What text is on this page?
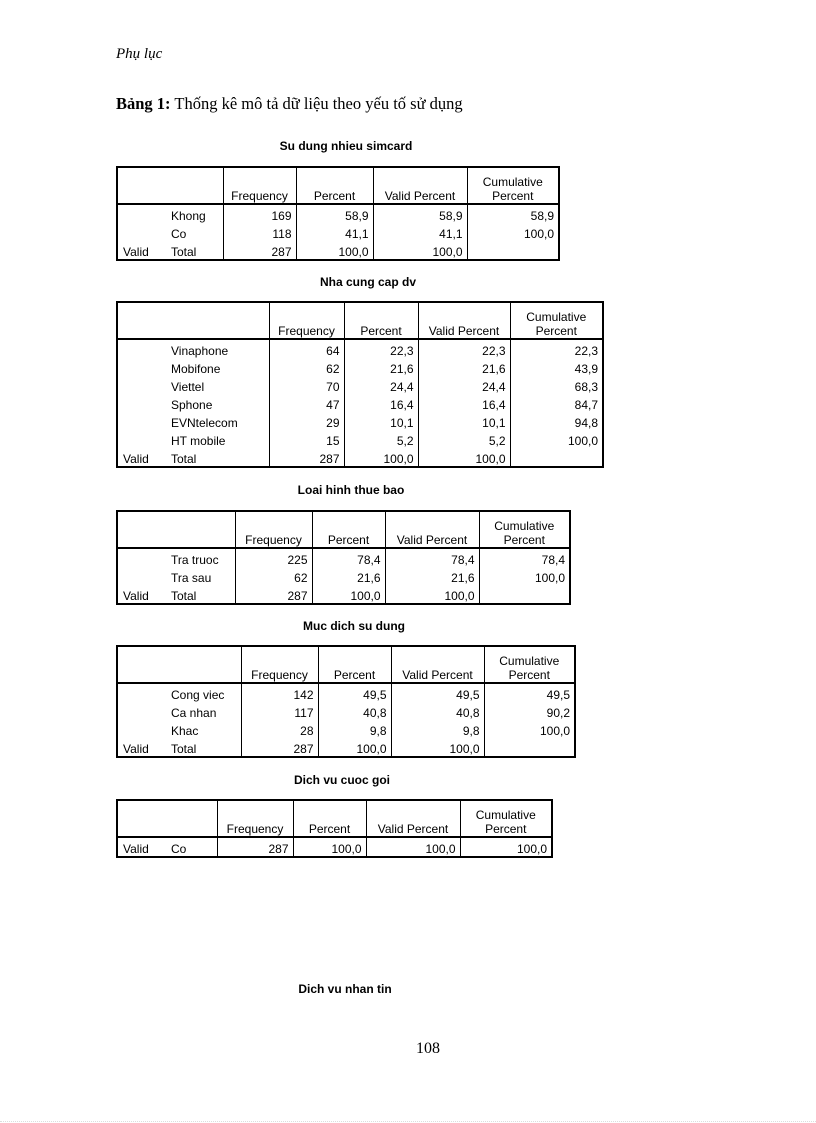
Phụ lục
Bảng 1: Thống kê mô tả dữ liệu theo yếu tố sử dụng
Su dung nhieu simcard
		Frequency	Percent	Valid Percent	Cumulative
Percent
Valid	Khong	169	58,9	58,9	58,9
	Co	118	41,1	41,1	100,0
	Total	287	100,0	100,0	
Nha cung cap dv
		Frequency	Percent	Valid Percent	Cumulative
Percent
Valid	Vinaphone	64	22,3	22,3	22,3
	Mobifone	62	21,6	21,6	43,9
	Viettel	70	24,4	24,4	68,3
	Sphone	47	16,4	16,4	84,7
	EVNtelecom	29	10,1	10,1	94,8
	HT mobile	15	5,2	5,2	100,0
	Total	287	100,0	100,0	
Loai hinh thue bao
		Frequency	Percent	Valid Percent	Cumulative
Percent
Valid	Tra truoc	225	78,4	78,4	78,4
	Tra sau	62	21,6	21,6	100,0
	Total	287	100,0	100,0	
Muc dich su dung
		Frequency	Percent	Valid Percent	Cumulative
Percent
Valid	Cong viec	142	49,5	49,5	49,5
	Ca nhan	117	40,8	40,8	90,2
	Khac	28	9,8	9,8	100,0
	Total	287	100,0	100,0	
Dich vu cuoc goi
		Frequency	Percent	Valid Percent	Cumulative
Percent
Valid	Co	287	100,0	100,0	100,0
Dich vu nhan tin
108
